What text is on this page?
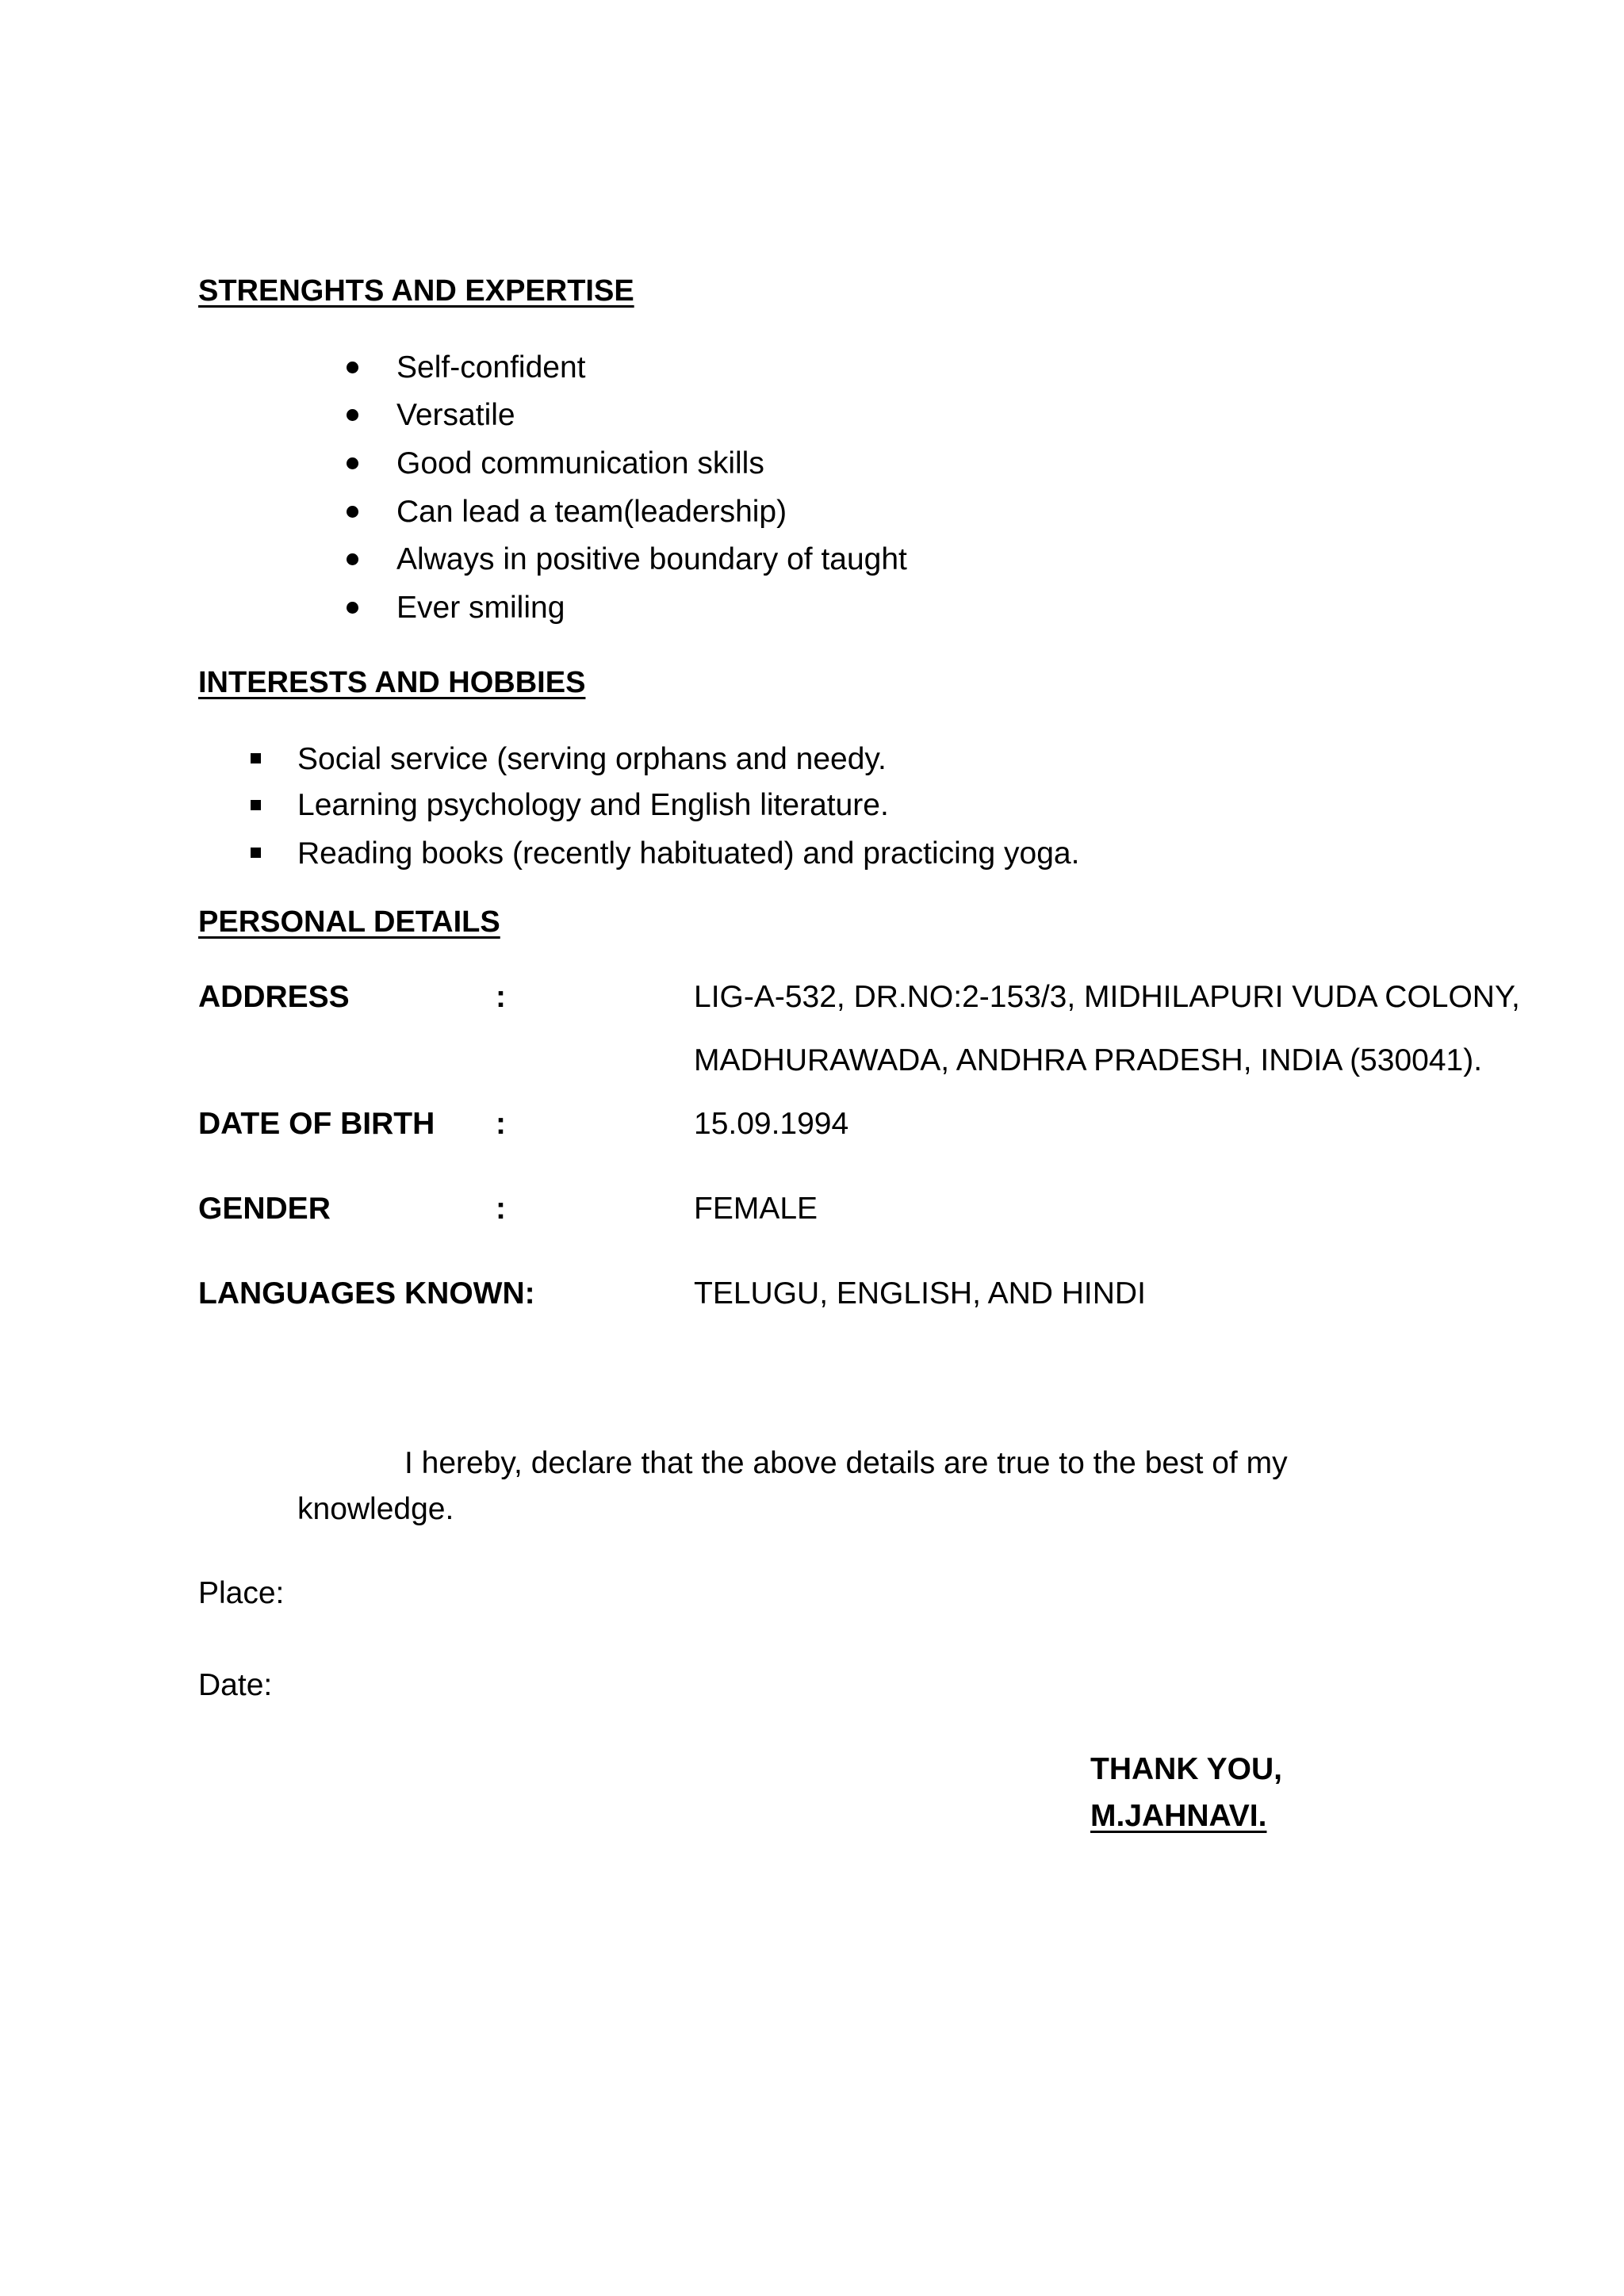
STRENGHTS AND EXPERTISE
Self-confident
Versatile
Good communication skills
Can lead a team(leadership)
Always in positive boundary of taught
Ever smiling
INTERESTS AND HOBBIES
Social service (serving orphans and needy.
Learning psychology and English literature.
Reading books (recently habituated) and practicing yoga.
PERSONAL DETAILS
ADDRESS	:	LIG-A-532, DR.NO:2-153/3, MIDHILAPURI VUDA COLONY,
MADHURAWADA, ANDHRA PRADESH, INDIA (530041).
DATE OF BIRTH :	15.09.1994
GENDER	:	FEMALE
LANGUAGES KNOWN:	TELUGU, ENGLISH, AND HINDI
I hereby, declare that the above details are true to the best of my
knowledge.
Place:
Date:
THANK YOU,
M.JAHNAVI.
